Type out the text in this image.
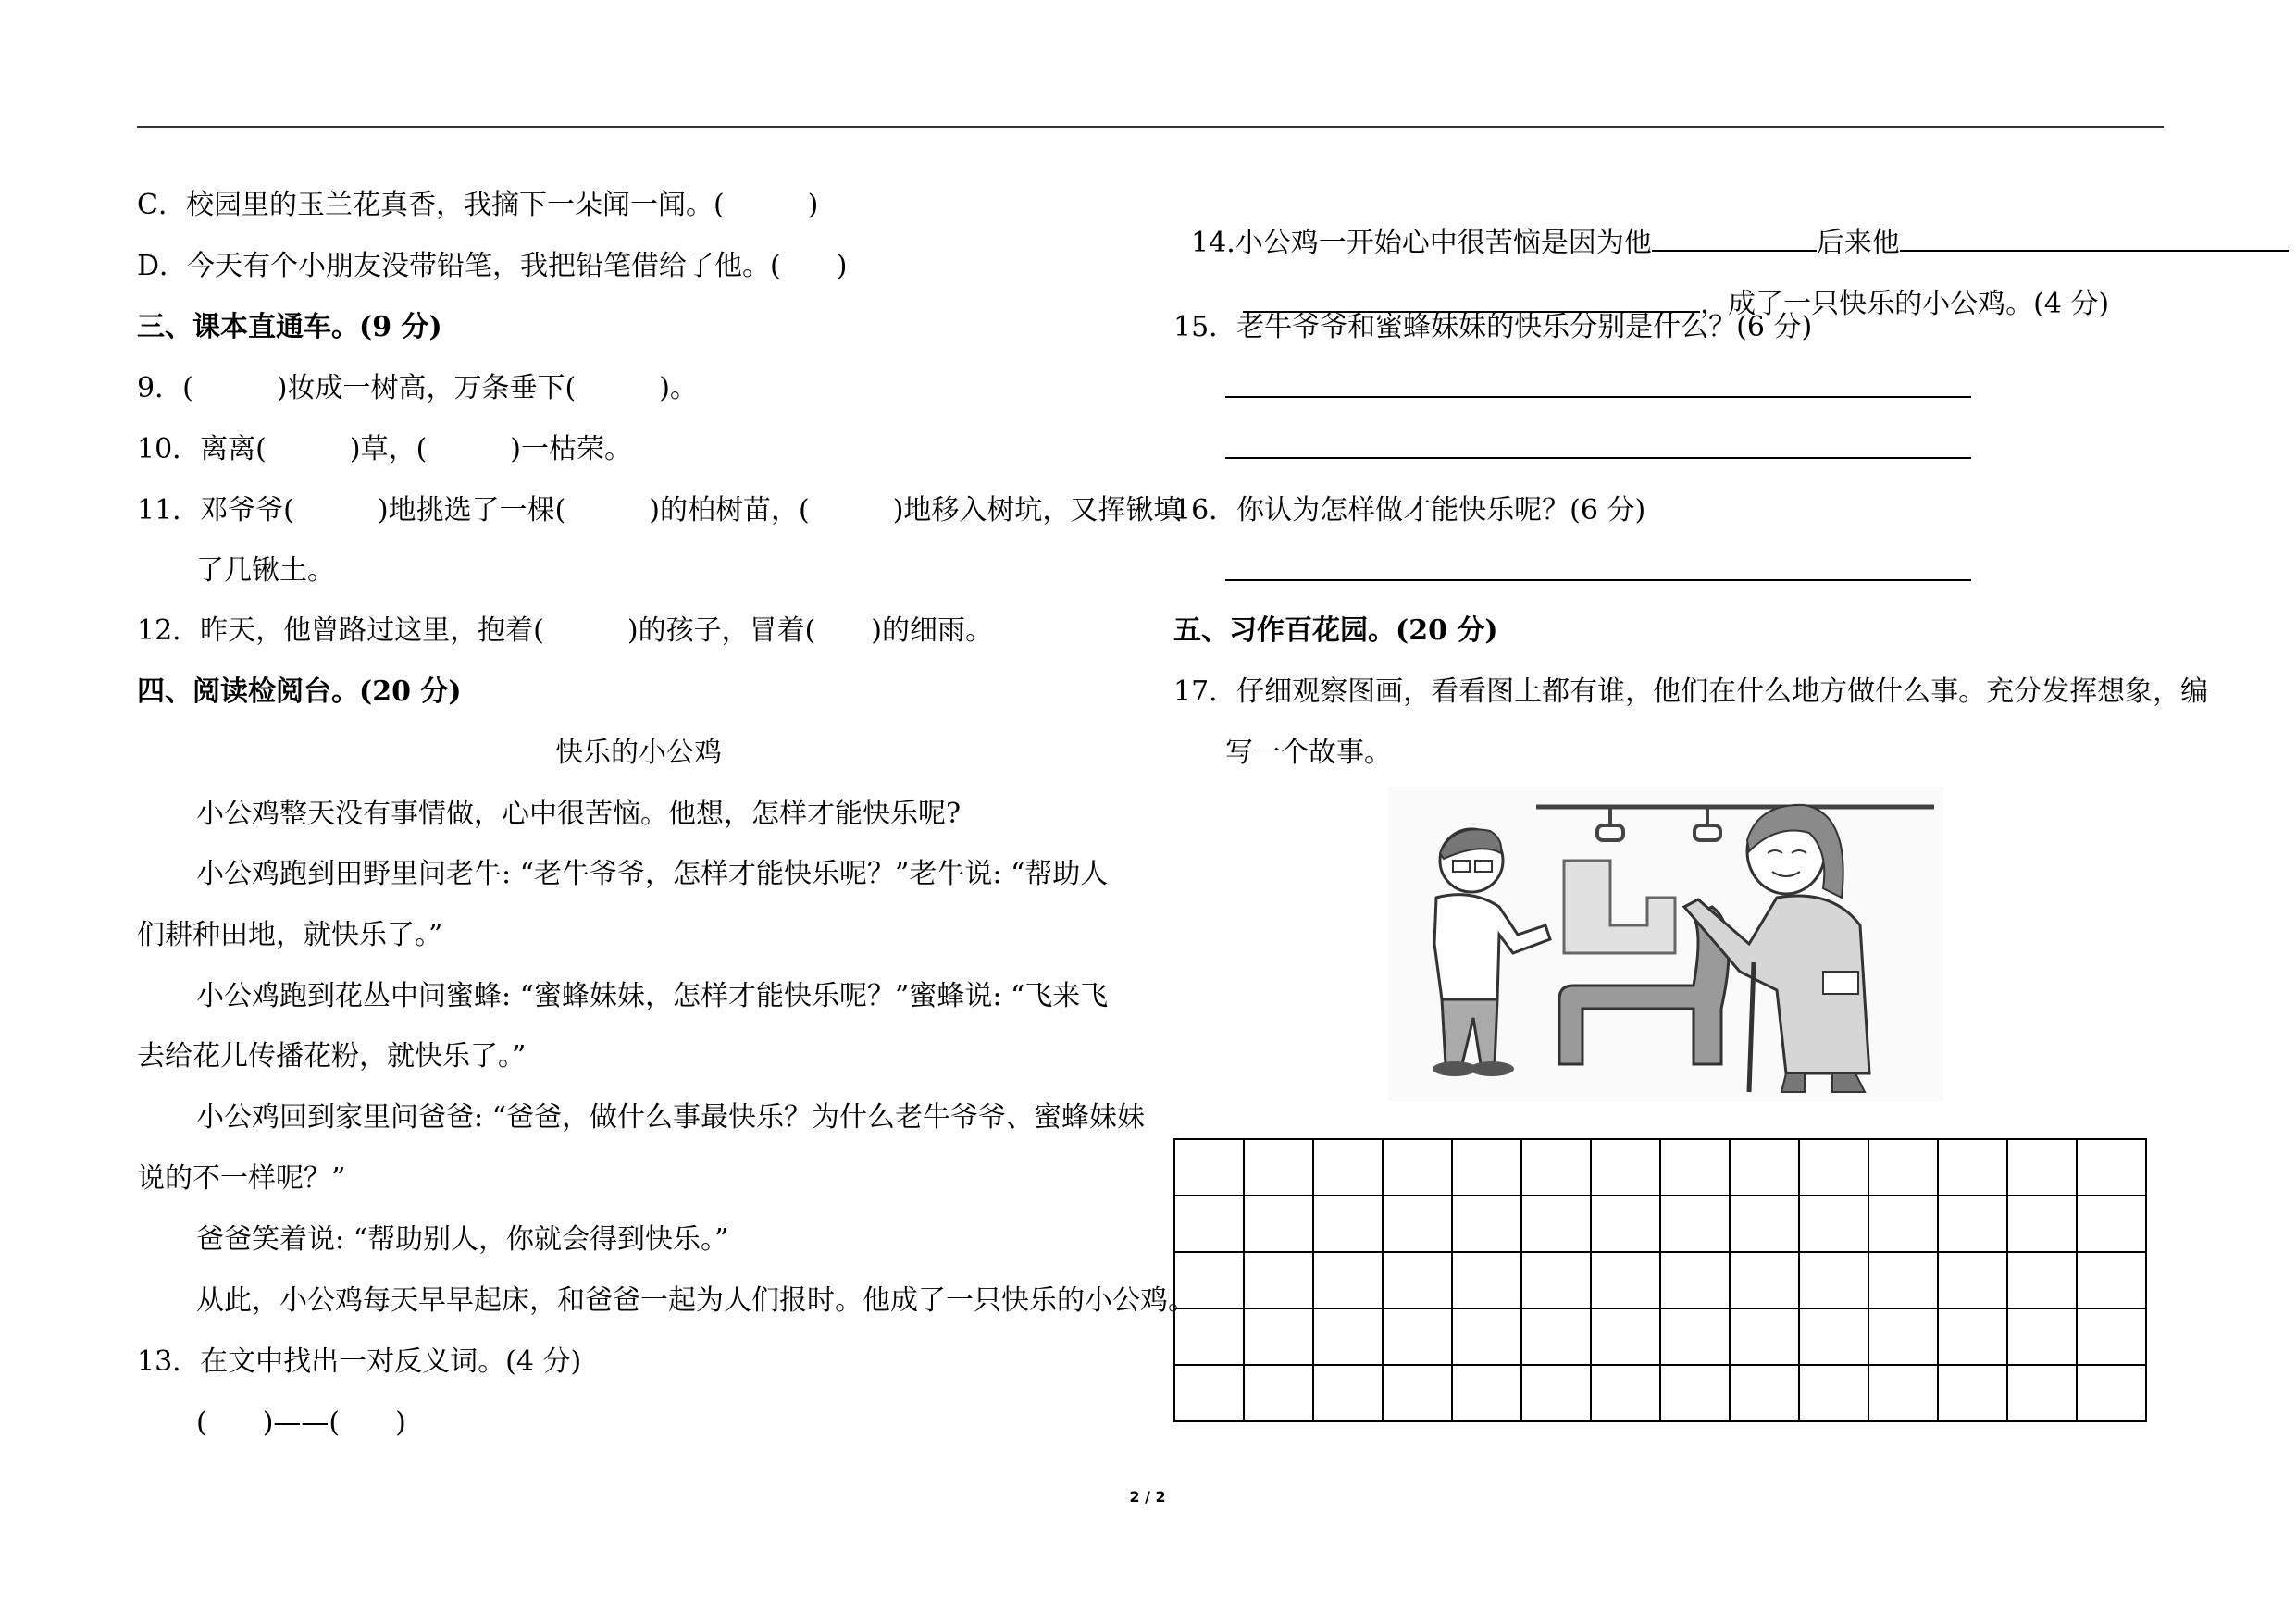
C．校园里的玉兰花真香，我摘下一朵闻一闻。(　　　)
D．今天有个小朋友没带铅笔，我把铅笔借给了他。(　　)
三、课本直通车。(9 分)
9．(　　　)妆成一树高，万条垂下(　　　)。
10．离离(　　　)草，(　　　)一枯荣。
11．邓爷爷(　　　)地挑选了一棵(　　　)的柏树苗，(　　　)地移入树坑，又挥锹填
了几锹土。
12．昨天，他曾路过这里，抱着(　　　)的孩子，冒着(　　)的细雨。
四、阅读检阅台。(20 分)
快乐的小公鸡
小公鸡整天没有事情做，心中很苦恼。他想，怎样才能快乐呢?
小公鸡跑到田野里问老牛: “老牛爷爷，怎样才能快乐呢？”老牛说: “帮助人
们耕种田地，就快乐了。”
小公鸡跑到花丛中问蜜蜂: “蜜蜂妹妹，怎样才能快乐呢？”蜜蜂说: “飞来飞
去给花儿传播花粉，就快乐了。”
小公鸡回到家里问爸爸: “爸爸，做什么事最快乐？为什么老牛爷爷、蜜蜂妹妹
说的不一样呢？”
爸爸笑着说: “帮助别人，你就会得到快乐。”
从此，小公鸡每天早早起床，和爸爸一起为人们报时。他成了一只快乐的小公鸡。
13．在文中找出一对反义词。(4 分)
(　　)——(　　)

14.小公鸡一开始心中很苦恼是因为他	后来他

，成了一只快乐的小公鸡。(4 分)

15．老牛爷爷和蜜蜂妹妹的快乐分别是什么？(6 分)
16．你认为怎样做才能快乐呢？(6 分)
五、习作百花园。(20 分)
17．仔细观察图画，看看图上都有谁，他们在什么地方做什么事。充分发挥想象，编
写一个故事。

2 / 2
